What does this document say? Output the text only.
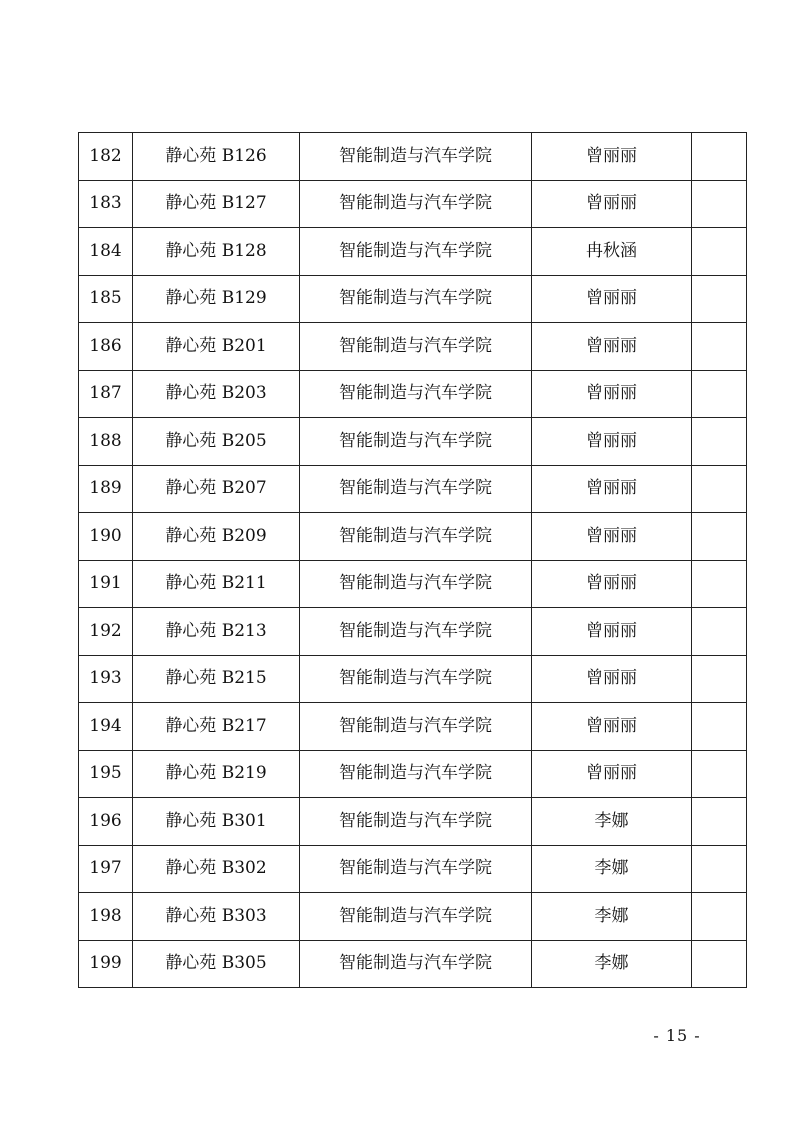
182	静心苑 B126	智能制造与汽车学院	曾丽丽	
183	静心苑 B127	智能制造与汽车学院	曾丽丽	
184	静心苑 B128	智能制造与汽车学院	冉秋涵	
185	静心苑 B129	智能制造与汽车学院	曾丽丽	
186	静心苑 B201	智能制造与汽车学院	曾丽丽	
187	静心苑 B203	智能制造与汽车学院	曾丽丽	
188	静心苑 B205	智能制造与汽车学院	曾丽丽	
189	静心苑 B207	智能制造与汽车学院	曾丽丽	
190	静心苑 B209	智能制造与汽车学院	曾丽丽	
191	静心苑 B211	智能制造与汽车学院	曾丽丽	
192	静心苑 B213	智能制造与汽车学院	曾丽丽	
193	静心苑 B215	智能制造与汽车学院	曾丽丽	
194	静心苑 B217	智能制造与汽车学院	曾丽丽	
195	静心苑 B219	智能制造与汽车学院	曾丽丽	
196	静心苑 B301	智能制造与汽车学院	李娜	
197	静心苑 B302	智能制造与汽车学院	李娜	
198	静心苑 B303	智能制造与汽车学院	李娜	
199	静心苑 B305	智能制造与汽车学院	李娜	
- 15 -
